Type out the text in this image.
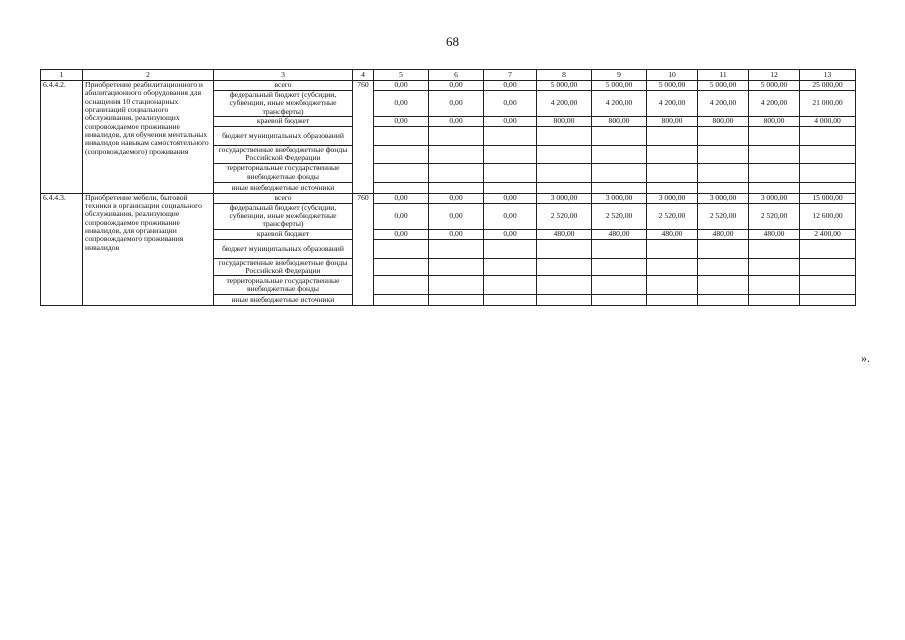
68
1	2	3	4	5	6	7	8	9	10	11	12	13
6.4.4.2.	Приобретение реабилитационного и абилитационного оборудования для оснащения 10 стационарных организаций социального обслуживания, реализующих сопровождаемое проживание инвалидов, для обучения ментальных инвалидов навыкам самостоятельного (сопровождаемого) проживания	всего	760	0,00	0,00	0,00	5 000,00	5 000,00	5 000,00	5 000,00	5 000,00	25 000,00
		федеральный бюджет (субсидии, субвенции, иные межбюджетные трансферты)		0,00	0,00	0,00	4 200,00	4 200,00	4 200,00	4 200,00	4 200,00	21 000,00
		краевой бюджет		0,00	0,00	0,00	800,00	800,00	800,00	800,00	800,00	4 000,00
		бюджет муниципальных образований										
		государственные внебюджетные фонды Российской Федерации										
		территориальные государственные внебюджетные фонды										
		иные внебюджетные источники										
6.4.4.3.	Приобретение мебели, бытовой техники в организации социального обслуживания, реализующие сопровождаемое проживание инвалидов, для организации сопровождаемого проживания инвалидов	всего	760	0,00	0,00	0,00	3 000,00	3 000,00	3 000,00	3 000,00	3 000,00	15 000,00
		федеральный бюджет (субсидии, субвенции, иные межбюджетные трансферты)		0,00	0,00	0,00	2 520,00	2 520,00	2 520,00	2 520,00	2 520,00	12 600,00
		краевой бюджет		0,00	0,00	0,00	480,00	480,00	480,00	480,00	480,00	2 400,00
		бюджет муниципальных образований										
		государственные внебюджетные фонды Российской Федерации										
		территориальные государственные внебюджетные фонды										
		иные внебюджетные источники										
».
